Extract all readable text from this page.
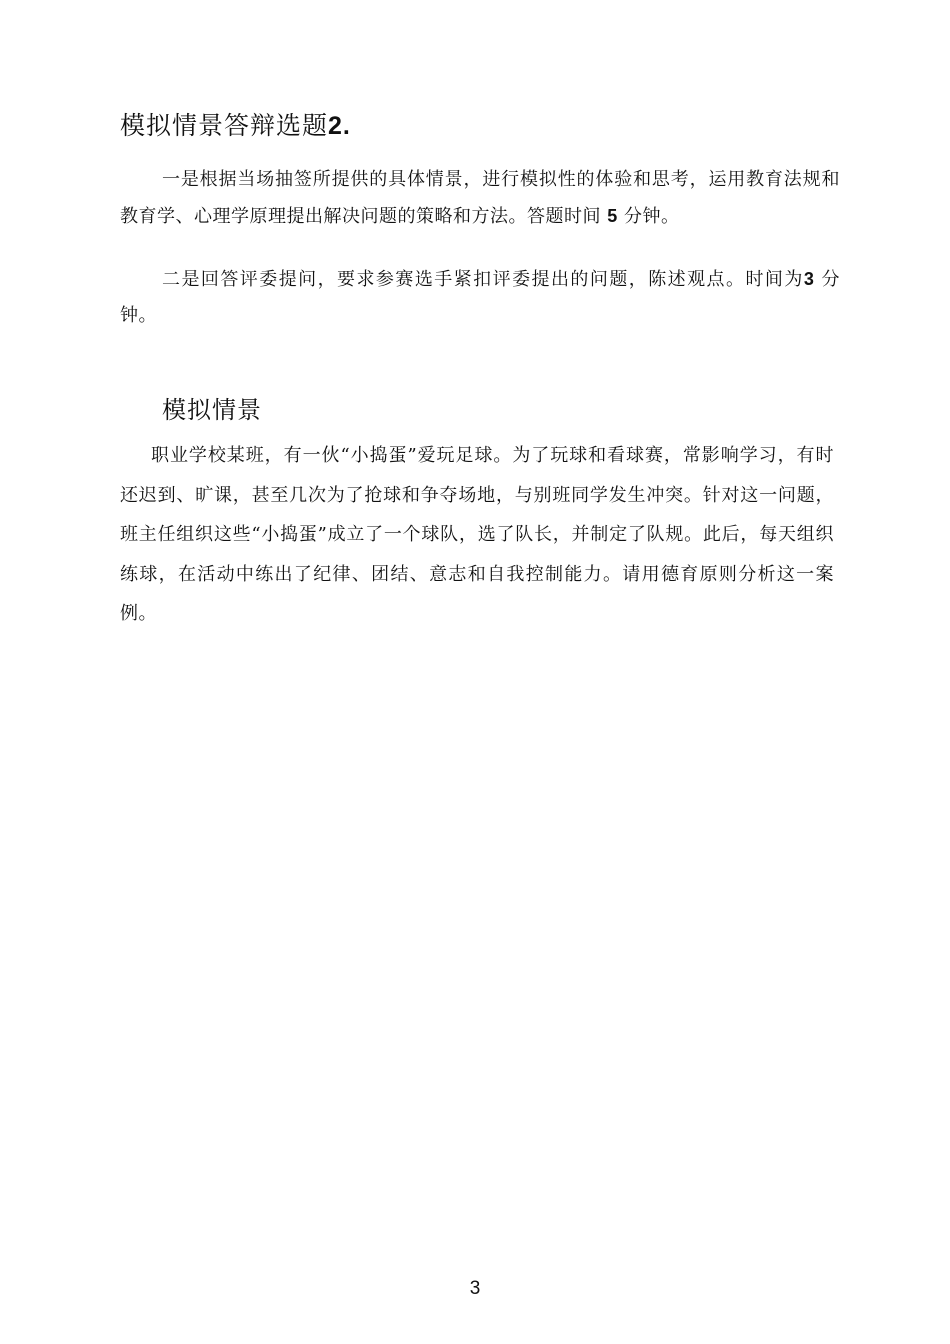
模拟情景答辩选题2.
一是根据当场抽签所提供的具体情景，进行模拟性的体验和思考，运用教育法规和教育学、心理学原理提出解决问题的策略和方法。答题时间 5 分钟。
二是回答评委提问，要求参赛选手紧扣评委提出的问题，陈述观点。时间为3 分钟。
模拟情景
职业学校某班，有一伙“小捣蛋”爱玩足球。为了玩球和看球赛，常影响学习，有时还迟到、旷课，甚至几次为了抢球和争夺场地，与别班同学发生冲突。针对这一问题，班主任组织这些“小捣蛋”成立了一个球队，选了队长，并制定了队规。此后，每天组织练球，在活动中练出了纪律、团结、意志和自我控制能力。请用德育原则分析这一案例。
3
